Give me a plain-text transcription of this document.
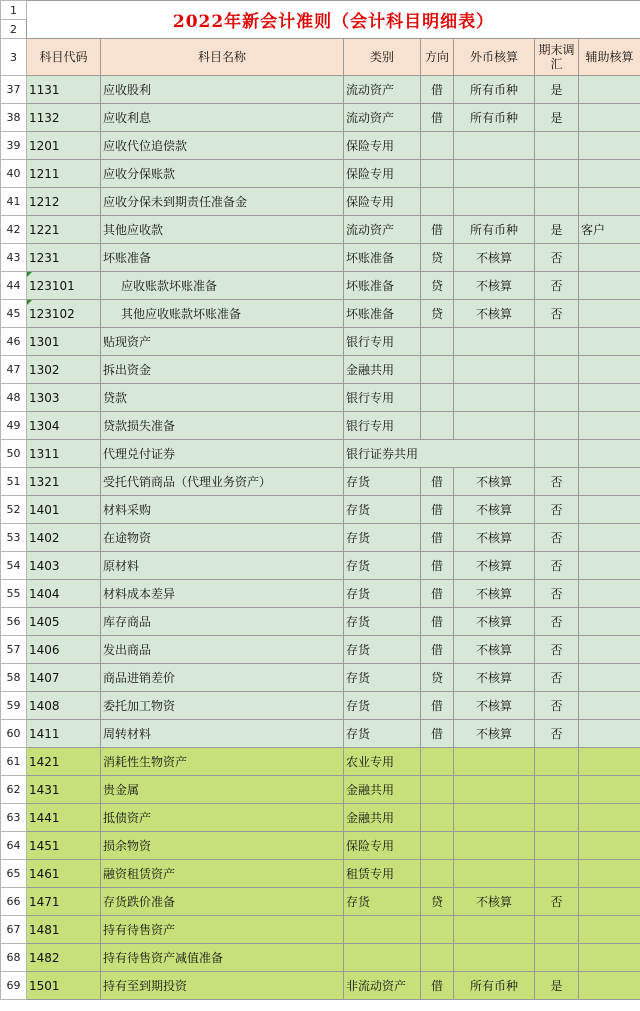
1	2022年新会计准则（会计科目明细表）						
2							
3	科目代码	科目名称	类别	方向	外币核算	期末调汇	辅助核算
37	1131	应收股利	流动资产	借	所有币种	是	
38	1132	应收利息	流动资产	借	所有币种	是	
39	1201	应收代位追偿款	保险专用				
40	1211	应收分保账款	保险专用				
41	1212	应收分保未到期责任准备金	保险专用				
42	1221	其他应收款	流动资产	借	所有币种	是	客户
43	1231	坏账准备	坏账准备	贷	不核算	否	
44	123101	应收账款坏账准备	坏账准备	贷	不核算	否	
45	123102	其他应收账款坏账准备	坏账准备	贷	不核算	否	
46	1301	贴现资产	银行专用				
47	1302	拆出资金	金融共用				
48	1303	贷款	银行专用				
49	1304	贷款损失准备	银行专用				
50	1311	代理兑付证券	银行证券共用				
51	1321	受托代销商品（代理业务资产）	存货	借	不核算	否	
52	1401	材料采购	存货	借	不核算	否	
53	1402	在途物资	存货	借	不核算	否	
54	1403	原材料	存货	借	不核算	否	
55	1404	材料成本差异	存货	借	不核算	否	
56	1405	库存商品	存货	借	不核算	否	
57	1406	发出商品	存货	借	不核算	否	
58	1407	商品进销差价	存货	贷	不核算	否	
59	1408	委托加工物资	存货	借	不核算	否	
60	1411	周转材料	存货	借	不核算	否	
61	1421	消耗性生物资产	农业专用				
62	1431	贵金属	金融共用				
63	1441	抵债资产	金融共用				
64	1451	损余物资	保险专用				
65	1461	融资租赁资产	租赁专用				
66	1471	存货跌价准备	存货	贷	不核算	否	
67	1481	持有待售资产					
68	1482	持有待售资产减值准备					
69	1501	持有至到期投资	非流动资产	借	所有币种	是	
